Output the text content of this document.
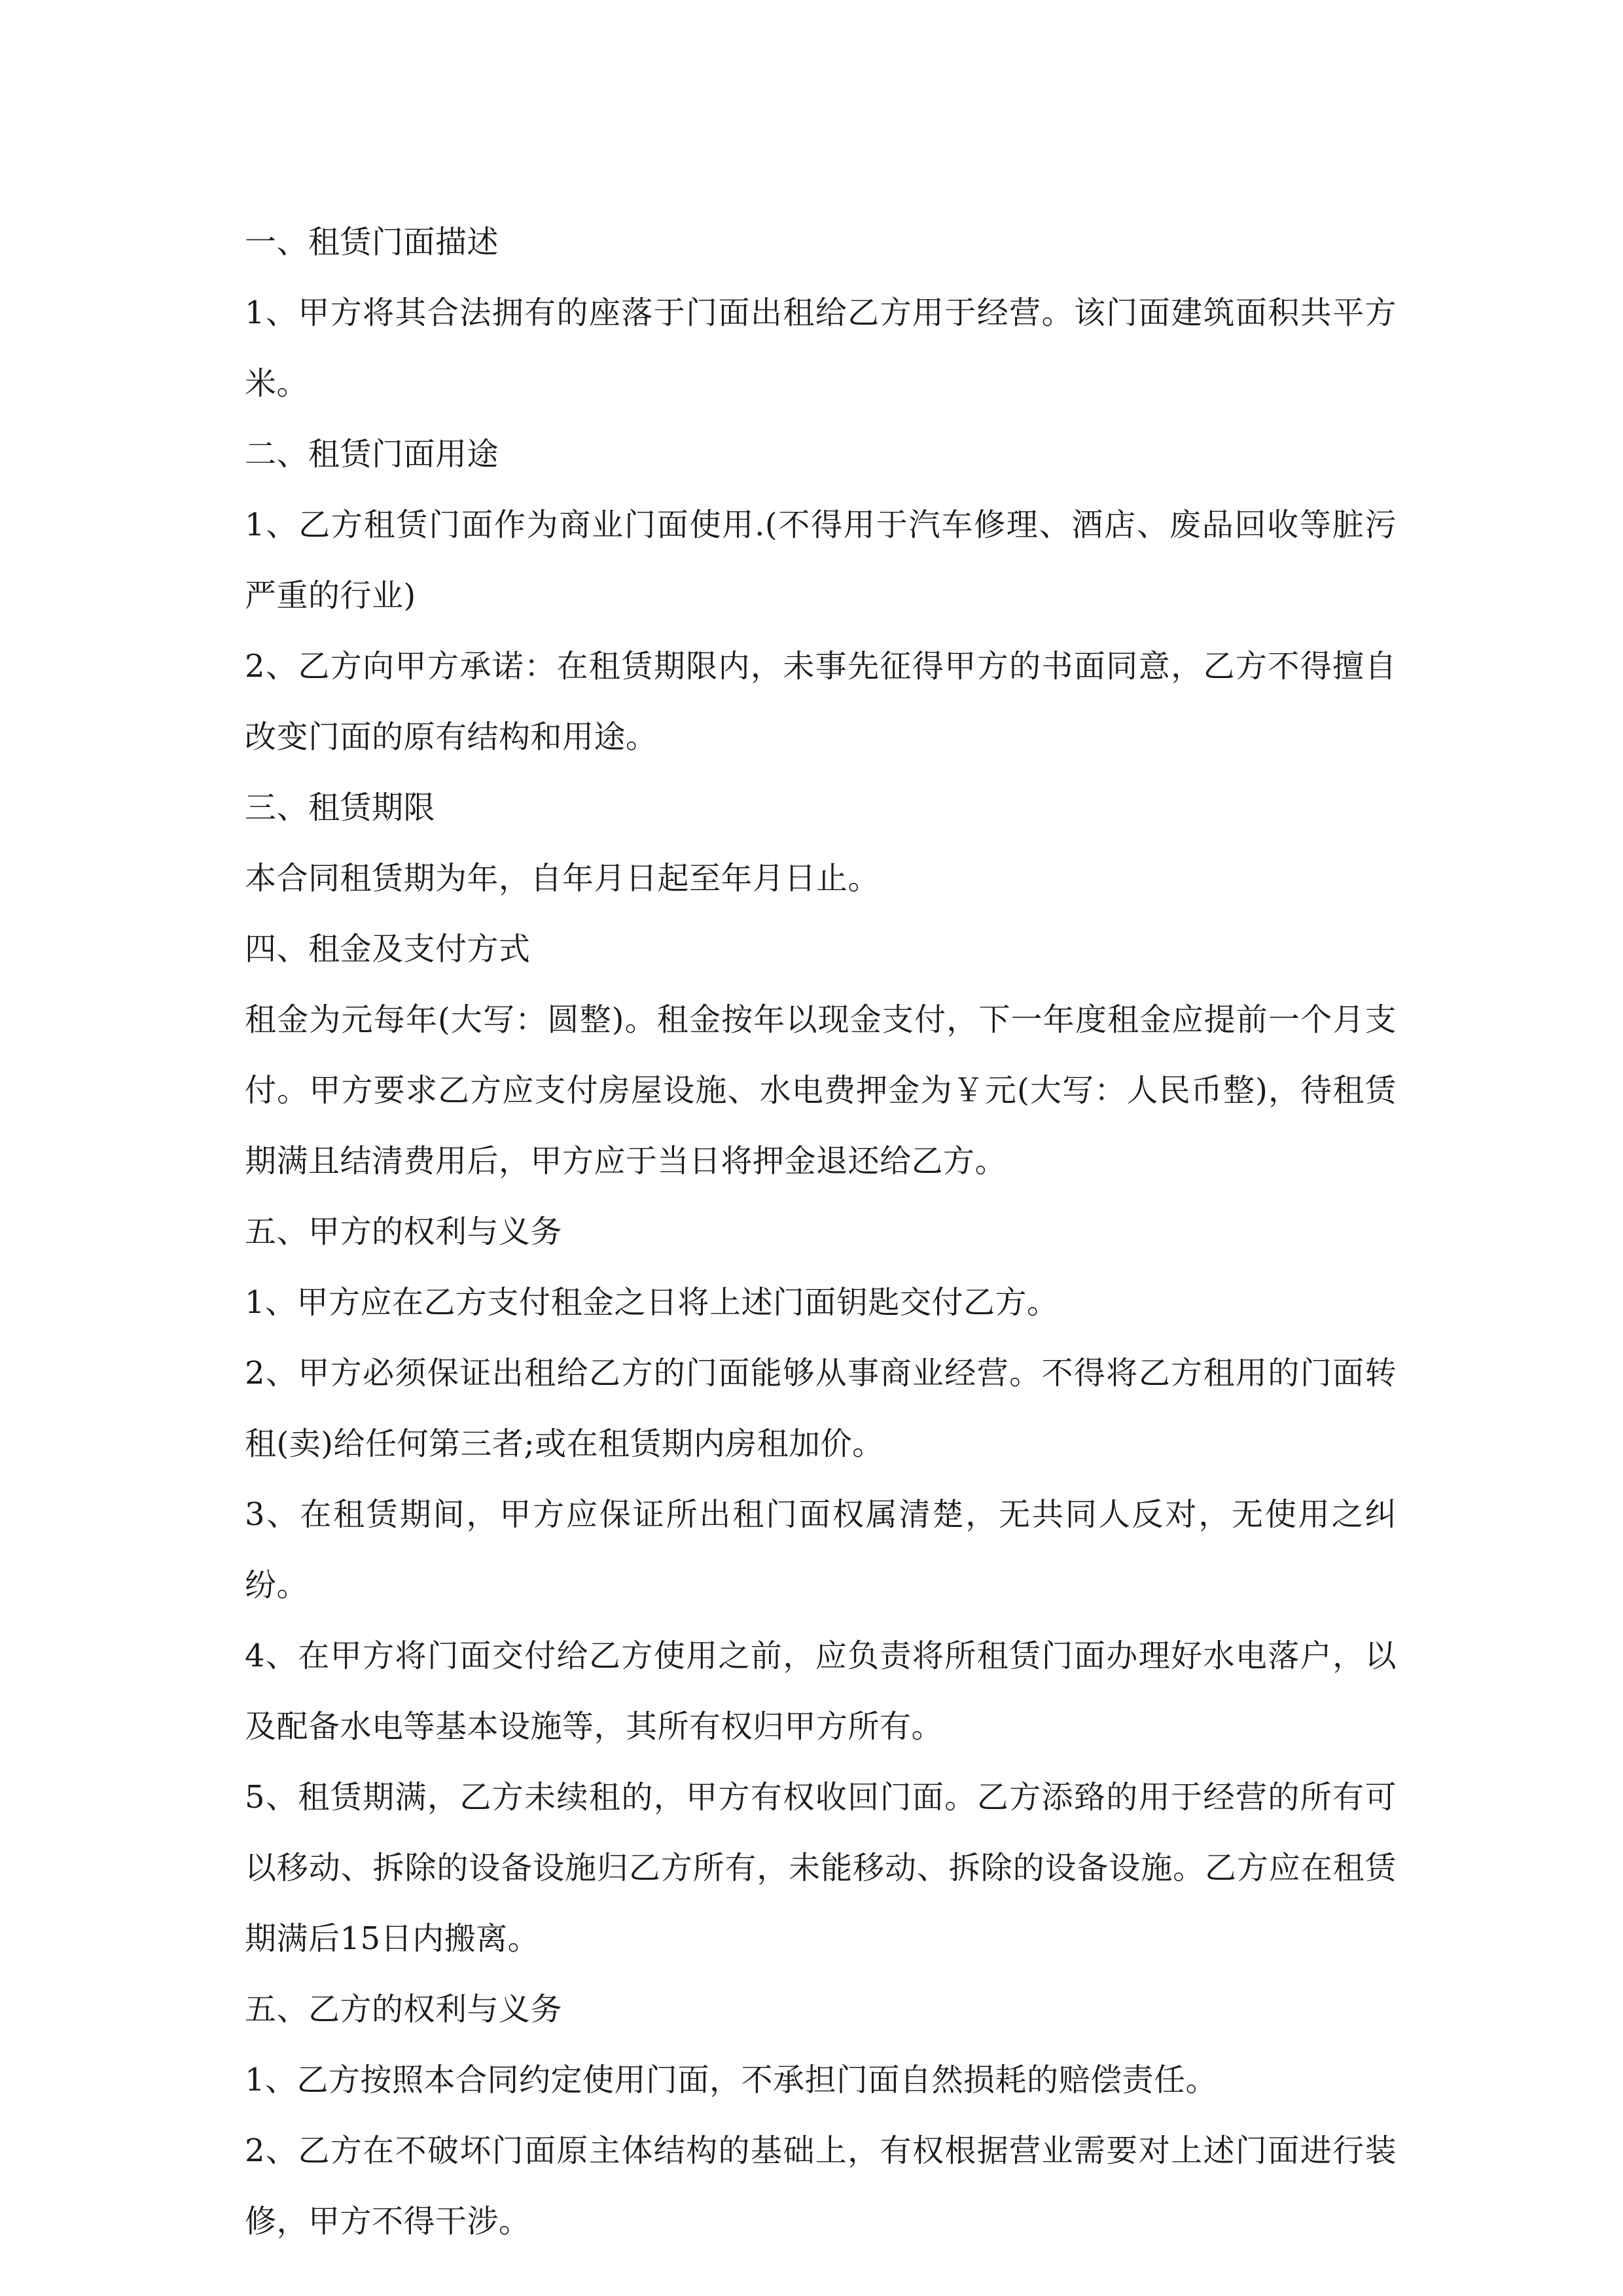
一、租赁门面描述

1、甲方将其合法拥有的座落于门面出租给乙方用于经营。该门面建筑面积共平方米。

二、租赁门面用途

1、乙方租赁门面作为商业门面使用.(不得用于汽车修理、酒店、废品回收等脏污严重的行业)

2、乙方向甲方承诺：在租赁期限内，未事先征得甲方的书面同意，乙方不得擅自改变门面的原有结构和用途。

三、租赁期限

本合同租赁期为年，自年月日起至年月日止。

四、租金及支付方式

租金为元每年(大写：圆整)。租金按年以现金支付，下一年度租金应提前一个月支付。甲方要求乙方应支付房屋设施、水电费押金为￥元(大写：人民币整)，待租赁期满且结清费用后，甲方应于当日将押金退还给乙方。

五、甲方的权利与义务

1、甲方应在乙方支付租金之日将上述门面钥匙交付乙方。

2、甲方必须保证出租给乙方的门面能够从事商业经营。不得将乙方租用的门面转租(卖)给任何第三者;或在租赁期内房租加价。

3、在租赁期间，甲方应保证所出租门面权属清楚，无共同人反对，无使用之纠纷。

4、在甲方将门面交付给乙方使用之前，应负责将所租赁门面办理好水电落户，以及配备水电等基本设施等，其所有权归甲方所有。

5、租赁期满，乙方未续租的，甲方有权收回门面。乙方添臵的用于经营的所有可以移动、拆除的设备设施归乙方所有，未能移动、拆除的设备设施。乙方应在租赁期满后15日内搬离。

五、乙方的权利与义务

1、乙方按照本合同约定使用门面，不承担门面自然损耗的赔偿责任。

2、乙方在不破坏门面原主体结构的基础上，有权根据营业需要对上述门面进行装修，甲方不得干涉。
